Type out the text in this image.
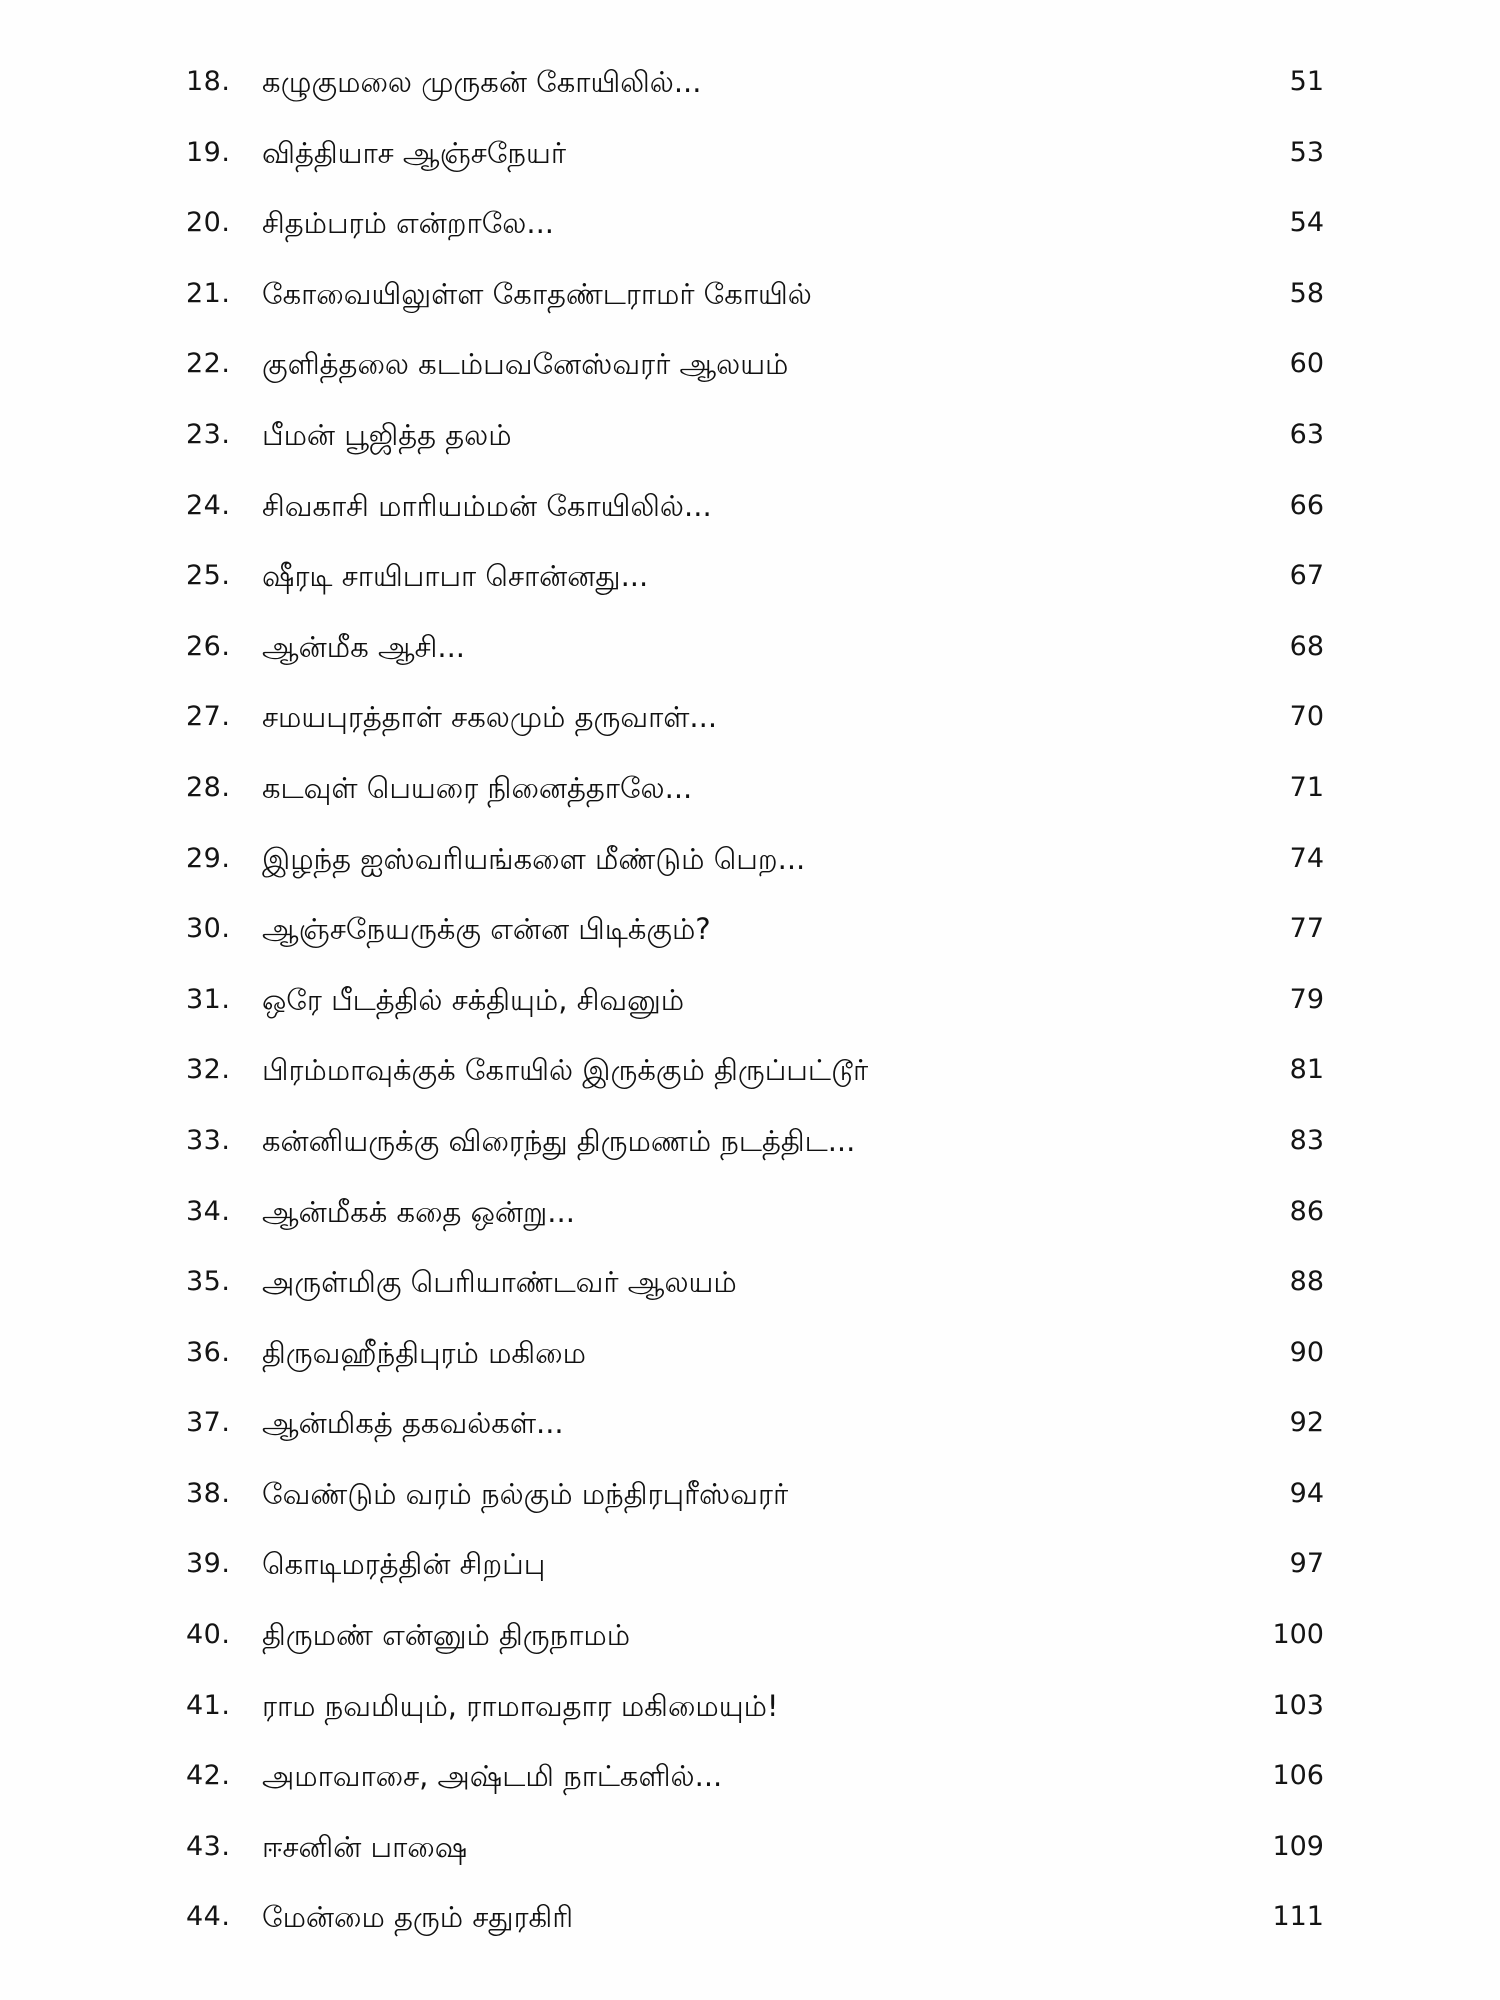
18.	கழுகுமலை முருகன் கோயிலில்...	51
19.	வித்தியாச ஆஞ்சநேயர்	53
20.	சிதம்பரம் என்றாலே...	54
21.	கோவையிலுள்ள கோதண்டராமர் கோயில்	58
22.	குளித்தலை கடம்பவனேஸ்வரர் ஆலயம்	60
23.	பீமன் பூஜித்த தலம்	63
24.	சிவகாசி மாரியம்மன் கோயிலில்...	66
25.	ஷீரடி சாயிபாபா சொன்னது...	67
26.	ஆன்மீக ஆசி...	68
27.	சமயபுரத்தாள் சகலமும் தருவாள்...	70
28.	கடவுள் பெயரை நினைத்தாலே...	71
29.	இழந்த ஐஸ்வரியங்களை மீண்டும் பெற...	74
30.	ஆஞ்சநேயருக்கு என்ன பிடிக்கும்?	77
31.	ஒரே பீடத்தில் சக்தியும், சிவனும்	79
32.	பிரம்மாவுக்குக் கோயில் இருக்கும் திருப்பட்டூர்	81
33.	கன்னியருக்கு விரைந்து திருமணம் நடத்திட...	83
34.	ஆன்மீகக் கதை ஒன்று...	86
35.	அருள்மிகு பெரியாண்டவர் ஆலயம்	88
36.	திருவஹீந்திபுரம் மகிமை	90
37.	ஆன்மிகத் தகவல்கள்...	92
38.	வேண்டும் வரம் நல்கும் மந்திரபுரீஸ்வரர்	94
39.	கொடிமரத்தின் சிறப்பு	97
40.	திருமண் என்னும் திருநாமம்	100
41.	ராம நவமியும், ராமாவதார மகிமையும்!	103
42.	அமாவாசை, அஷ்டமி நாட்களில்...	106
43.	ஈசனின் பாஷை	109
44.	மேன்மை தரும் சதுரகிரி	111
